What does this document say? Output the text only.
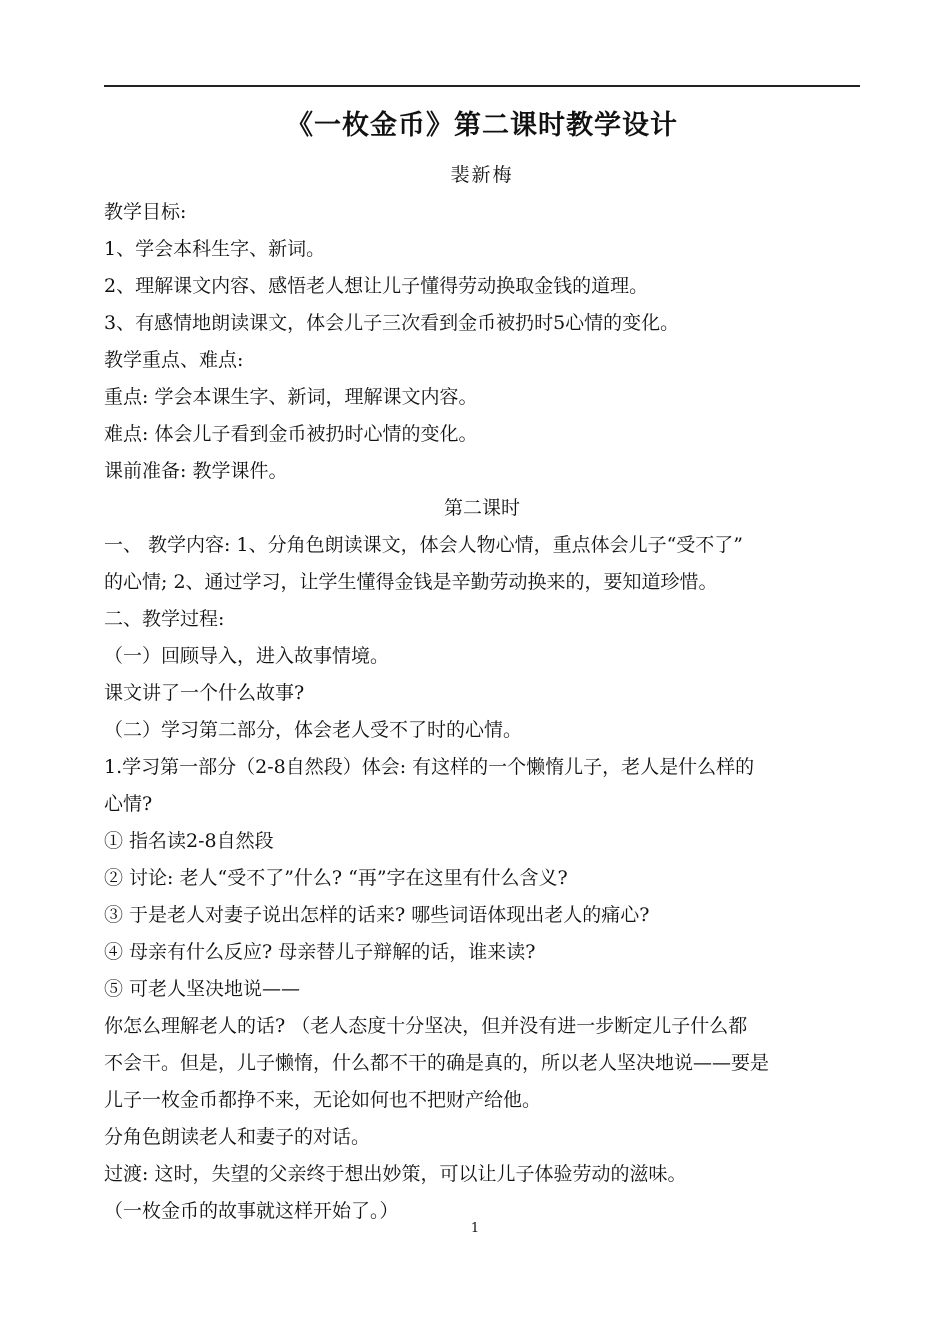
《一枚金币》第二课时教学设计
裴新梅
教学目标:
1、学会本科生字、新词。
2、理解课文内容、感悟老人想让儿子懂得劳动换取金钱的道理。
3、有感情地朗读课文，体会儿子三次看到金币被扔时5心情的变化。
教学重点、难点:
重点: 学会本课生字、新词，理解课文内容。
难点: 体会儿子看到金币被扔时心情的变化。
课前准备: 教学课件。
第二课时
一、 教学内容: 1、分角色朗读课文，体会人物心情，重点体会儿子“受不了”
的心情; 2、通过学习，让学生懂得金钱是辛勤劳动换来的，要知道珍惜。
二、教学过程:
（一）回顾导入，进入故事情境。
课文讲了一个什么故事?
（二）学习第二部分，体会老人受不了时的心情。
1.学习第一部分（2-8自然段）体会: 有这样的一个懒惰儿子，老人是什么样的
心情?
① 指名读2-8自然段
② 讨论: 老人“受不了”什么? “再”字在这里有什么含义?
③ 于是老人对妻子说出怎样的话来? 哪些词语体现出老人的痛心?
④ 母亲有什么反应? 母亲替儿子辩解的话，谁来读?
⑤ 可老人坚决地说——
你怎么理解老人的话? （老人态度十分坚决，但并没有进一步断定儿子什么都
不会干。但是，儿子懒惰，什么都不干的确是真的，所以老人坚决地说——要是
儿子一枚金币都挣不来，无论如何也不把财产给他。
分角色朗读老人和妻子的对话。
过渡: 这时，失望的父亲终于想出妙策，可以让儿子体验劳动的滋味。
（一枚金币的故事就这样开始了。）
1
